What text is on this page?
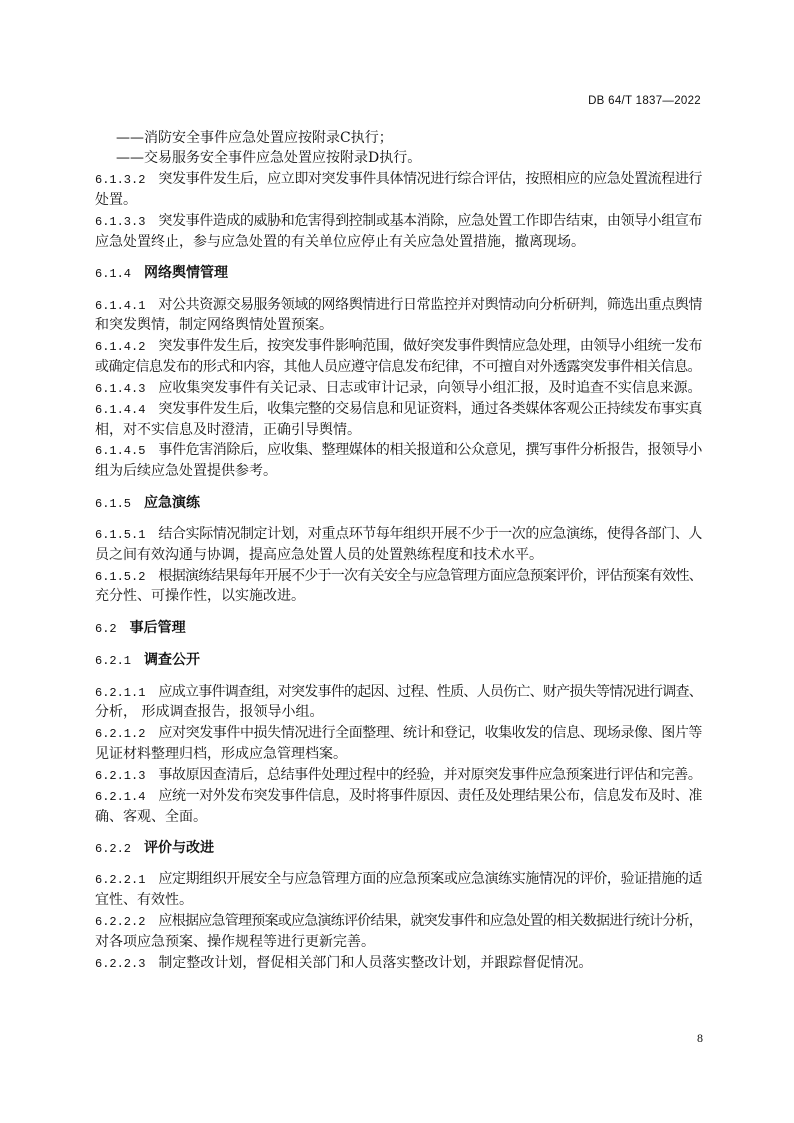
DB 64/T 1837—2022
——消防安全事件应急处置应按附录C执行；
——交易服务安全事件应急处置应按附录D执行。
6.1.3.2 突发事件发生后，应立即对突发事件具体情况进行综合评估，按照相应的应急处置流程进行
处置。
6.1.3.3 突发事件造成的威胁和危害得到控制或基本消除，应急处置工作即告结束，由领导小组宣布
应急处置终止，参与应急处置的有关单位应停止有关应急处置措施，撤离现场。
6.1.4 网络舆情管理
6.1.4.1 对公共资源交易服务领域的网络舆情进行日常监控并对舆情动向分析研判，筛选出重点舆情
和突发舆情，制定网络舆情处置预案。
6.1.4.2 突发事件发生后，按突发事件影响范围，做好突发事件舆情应急处理，由领导小组统一发布
或确定信息发布的形式和内容，其他人员应遵守信息发布纪律，不可擅自对外透露突发事件相关信息。
6.1.4.3 应收集突发事件有关记录、日志或审计记录，向领导小组汇报，及时追查不实信息来源。
6.1.4.4 突发事件发生后，收集完整的交易信息和见证资料，通过各类媒体客观公正持续发布事实真
相，对不实信息及时澄清，正确引导舆情。
6.1.4.5 事件危害消除后，应收集、整理媒体的相关报道和公众意见，撰写事件分析报告，报领导小
组为后续应急处置提供参考。
6.1.5 应急演练
6.1.5.1 结合实际情况制定计划，对重点环节每年组织开展不少于一次的应急演练，使得各部门、人
员之间有效沟通与协调，提高应急处置人员的处置熟练程度和技术水平。
6.1.5.2 根据演练结果每年开展不少于一次有关安全与应急管理方面应急预案评价，评估预案有效性、
充分性、可操作性，以实施改进。
6.2 事后管理
6.2.1 调查公开
6.2.1.1 应成立事件调查组，对突发事件的起因、过程、性质、人员伤亡、财产损失等情况进行调查、
分析， 形成调查报告，报领导小组。
6.2.1.2 应对突发事件中损失情况进行全面整理、统计和登记，收集收发的信息、现场录像、图片等
见证材料整理归档，形成应急管理档案。
6.2.1.3 事故原因查清后，总结事件处理过程中的经验，并对原突发事件应急预案进行评估和完善。
6.2.1.4 应统一对外发布突发事件信息，及时将事件原因、责任及处理结果公布，信息发布及时、准
确、客观、全面。
6.2.2 评价与改进
6.2.2.1 应定期组织开展安全与应急管理方面的应急预案或应急演练实施情况的评价，验证措施的适
宜性、有效性。
6.2.2.2 应根据应急管理预案或应急演练评价结果，就突发事件和应急处置的相关数据进行统计分析，
对各项应急预案、操作规程等进行更新完善。
6.2.2.3 制定整改计划，督促相关部门和人员落实整改计划，并跟踪督促情况。
8
